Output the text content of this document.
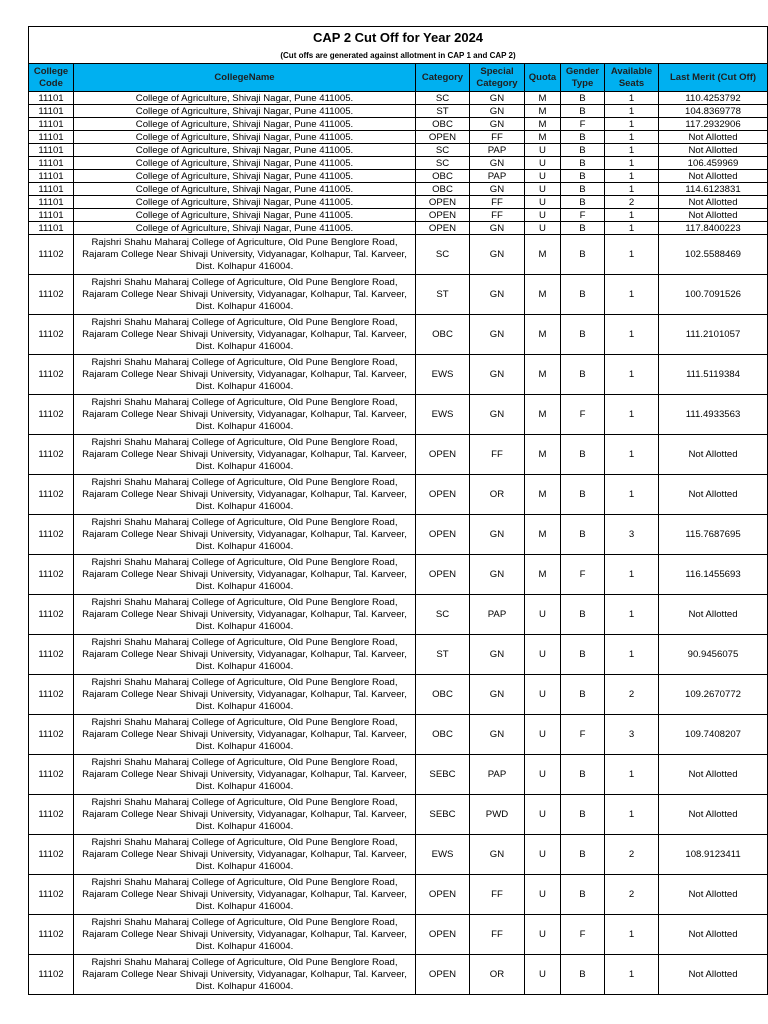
CAP 2 Cut Off for Year 2024							
(Cut offs are generated against allotment in CAP 1 and CAP 2)							
College Code	CollegeName	Category	Special Category	Quota	Gender Type	Available Seats	Last Merit (Cut Off)
11101	College of Agriculture, Shivaji Nagar, Pune 411005.	SC	GN	M	B	1	110.4253792
11101	College of Agriculture, Shivaji Nagar, Pune 411005.	ST	GN	M	B	1	104.8369778
11101	College of Agriculture, Shivaji Nagar, Pune 411005.	OBC	GN	M	F	1	117.2932906
11101	College of Agriculture, Shivaji Nagar, Pune 411005.	OPEN	FF	M	B	1	Not Allotted
11101	College of Agriculture, Shivaji Nagar, Pune 411005.	SC	PAP	U	B	1	Not Allotted
11101	College of Agriculture, Shivaji Nagar, Pune 411005.	SC	GN	U	B	1	106.459969
11101	College of Agriculture, Shivaji Nagar, Pune 411005.	OBC	PAP	U	B	1	Not Allotted
11101	College of Agriculture, Shivaji Nagar, Pune 411005.	OBC	GN	U	B	1	114.6123831
11101	College of Agriculture, Shivaji Nagar, Pune 411005.	OPEN	FF	U	B	2	Not Allotted
11101	College of Agriculture, Shivaji Nagar, Pune 411005.	OPEN	FF	U	F	1	Not Allotted
11101	College of Agriculture, Shivaji Nagar, Pune 411005.	OPEN	GN	U	B	1	117.8400223
11102	Rajshri Shahu Maharaj College of Agriculture, Old Pune Benglore Road, Rajaram College Near Shivaji University, Vidyanagar, Kolhapur, Tal. Karveer, Dist. Kolhapur 416004.	SC	GN	M	B	1	102.5588469
11102	Rajshri Shahu Maharaj College of Agriculture, Old Pune Benglore Road, Rajaram College Near Shivaji University, Vidyanagar, Kolhapur, Tal. Karveer, Dist. Kolhapur 416004.	ST	GN	M	B	1	100.7091526
11102	Rajshri Shahu Maharaj College of Agriculture, Old Pune Benglore Road, Rajaram College Near Shivaji University, Vidyanagar, Kolhapur, Tal. Karveer, Dist. Kolhapur 416004.	OBC	GN	M	B	1	111.2101057
11102	Rajshri Shahu Maharaj College of Agriculture, Old Pune Benglore Road, Rajaram College Near Shivaji University, Vidyanagar, Kolhapur, Tal. Karveer, Dist. Kolhapur 416004.	EWS	GN	M	B	1	111.5119384
11102	Rajshri Shahu Maharaj College of Agriculture, Old Pune Benglore Road, Rajaram College Near Shivaji University, Vidyanagar, Kolhapur, Tal. Karveer, Dist. Kolhapur 416004.	EWS	GN	M	F	1	111.4933563
11102	Rajshri Shahu Maharaj College of Agriculture, Old Pune Benglore Road, Rajaram College Near Shivaji University, Vidyanagar, Kolhapur, Tal. Karveer, Dist. Kolhapur 416004.	OPEN	FF	M	B	1	Not Allotted
11102	Rajshri Shahu Maharaj College of Agriculture, Old Pune Benglore Road, Rajaram College Near Shivaji University, Vidyanagar, Kolhapur, Tal. Karveer, Dist. Kolhapur 416004.	OPEN	OR	M	B	1	Not Allotted
11102	Rajshri Shahu Maharaj College of Agriculture, Old Pune Benglore Road, Rajaram College Near Shivaji University, Vidyanagar, Kolhapur, Tal. Karveer, Dist. Kolhapur 416004.	OPEN	GN	M	B	3	115.7687695
11102	Rajshri Shahu Maharaj College of Agriculture, Old Pune Benglore Road, Rajaram College Near Shivaji University, Vidyanagar, Kolhapur, Tal. Karveer, Dist. Kolhapur 416004.	OPEN	GN	M	F	1	116.1455693
11102	Rajshri Shahu Maharaj College of Agriculture, Old Pune Benglore Road, Rajaram College Near Shivaji University, Vidyanagar, Kolhapur, Tal. Karveer, Dist. Kolhapur 416004.	SC	PAP	U	B	1	Not Allotted
11102	Rajshri Shahu Maharaj College of Agriculture, Old Pune Benglore Road, Rajaram College Near Shivaji University, Vidyanagar, Kolhapur, Tal. Karveer, Dist. Kolhapur 416004.	ST	GN	U	B	1	90.9456075
11102	Rajshri Shahu Maharaj College of Agriculture, Old Pune Benglore Road, Rajaram College Near Shivaji University, Vidyanagar, Kolhapur, Tal. Karveer, Dist. Kolhapur 416004.	OBC	GN	U	B	2	109.2670772
11102	Rajshri Shahu Maharaj College of Agriculture, Old Pune Benglore Road, Rajaram College Near Shivaji University, Vidyanagar, Kolhapur, Tal. Karveer, Dist. Kolhapur 416004.	OBC	GN	U	F	3	109.7408207
11102	Rajshri Shahu Maharaj College of Agriculture, Old Pune Benglore Road, Rajaram College Near Shivaji University, Vidyanagar, Kolhapur, Tal. Karveer, Dist. Kolhapur 416004.	SEBC	PAP	U	B	1	Not Allotted
11102	Rajshri Shahu Maharaj College of Agriculture, Old Pune Benglore Road, Rajaram College Near Shivaji University, Vidyanagar, Kolhapur, Tal. Karveer, Dist. Kolhapur 416004.	SEBC	PWD	U	B	1	Not Allotted
11102	Rajshri Shahu Maharaj College of Agriculture, Old Pune Benglore Road, Rajaram College Near Shivaji University, Vidyanagar, Kolhapur, Tal. Karveer, Dist. Kolhapur 416004.	EWS	GN	U	B	2	108.9123411
11102	Rajshri Shahu Maharaj College of Agriculture, Old Pune Benglore Road, Rajaram College Near Shivaji University, Vidyanagar, Kolhapur, Tal. Karveer, Dist. Kolhapur 416004.	OPEN	FF	U	B	2	Not Allotted
11102	Rajshri Shahu Maharaj College of Agriculture, Old Pune Benglore Road, Rajaram College Near Shivaji University, Vidyanagar, Kolhapur, Tal. Karveer, Dist. Kolhapur 416004.	OPEN	FF	U	F	1	Not Allotted
11102	Rajshri Shahu Maharaj College of Agriculture, Old Pune Benglore Road, Rajaram College Near Shivaji University, Vidyanagar, Kolhapur, Tal. Karveer, Dist. Kolhapur 416004.	OPEN	OR	U	B	1	Not Allotted
